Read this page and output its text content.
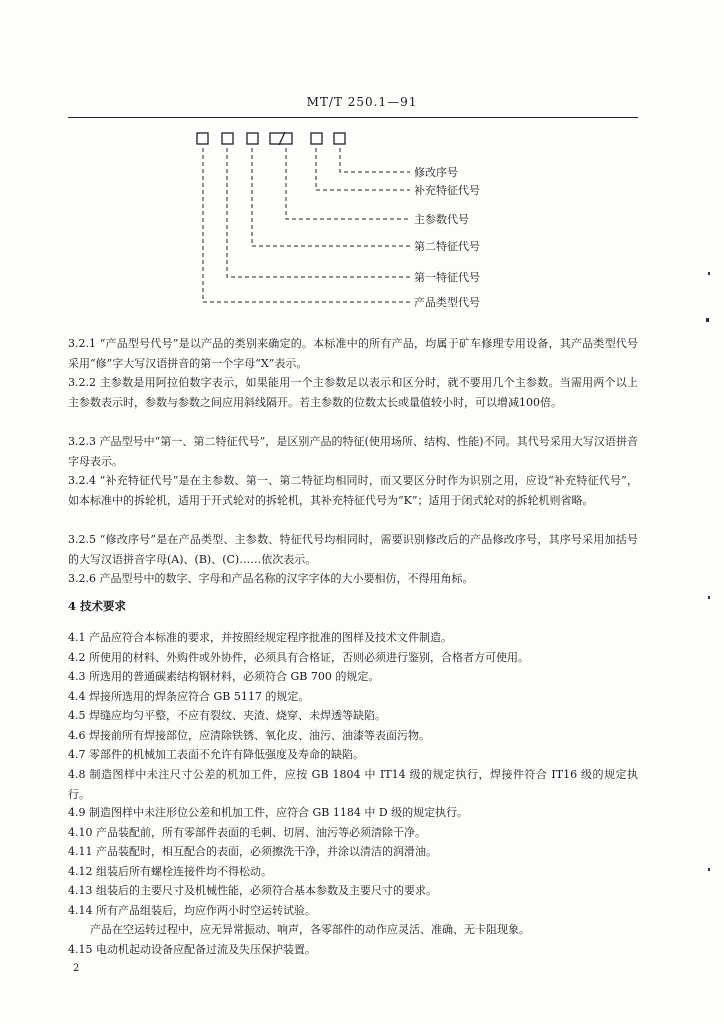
MT/T 250.1—91
修改序号
补充特征代号
主参数代号
第二特征代号
第一特征代号
产品类型代号
3.2.1 “产品型号代号”是以产品的类别来确定的。本标准中的所有产品，均属于矿车修理专用设备，其产品类型代号采用“修”字大写汉语拼音的第一个字母“X”表示。
3.2.2 主参数是用阿拉伯数字表示，如果能用一个主参数足以表示和区分时，就不要用几个主参数。当需用两个以上主参数表示时，参数与参数之间应用斜线隔开。若主参数的位数太长或量值较小时，可以增减100倍。
3.2.3 产品型号中“第一、第二特征代号”，是区别产品的特征(使用场所、结构、性能)不同。其代号采用大写汉语拼音字母表示。
3.2.4 “补充特征代号”是在主参数、第一、第二特征均相同时，而又要区分时作为识别之用，应设“补充特征代号”，如本标准中的拆轮机，适用于开式轮对的拆轮机，其补充特征代号为“K”；适用于闭式轮对的拆轮机则省略。
3.2.5 “修改序号”是在产品类型、主参数、特征代号均相同时，需要识别修改后的产品修改序号，其序号采用加括号的大写汉语拼音字母(A)、(B)、(C)……依次表示。
3.2.6 产品型号中的数字、字母和产品名称的汉字字体的大小要相仿，不得用角标。
4 技术要求
4.1 产品应符合本标准的要求，并按照经规定程序批准的图样及技术文件制造。
4.2 所使用的材料、外购件或外协件，必须具有合格证，否则必须进行鉴别，合格者方可使用。
4.3 所选用的普通碳素结构钢材料，必须符合 GB 700 的规定。
4.4 焊接所选用的焊条应符合 GB 5117 的规定。
4.5 焊缝应均匀平整，不应有裂纹、夹渣、烧穿、未焊透等缺陷。
4.6 焊接前所有焊接部位，应清除铁锈、氧化皮、油污、油漆等表面污物。
4.7 零部件的机械加工表面不允许有降低强度及寿命的缺陷。
4.8 制造图样中未注尺寸公差的机加工件，应按 GB 1804 中 IT14 级的规定执行，焊接件符合 IT16 级的规定执行。
4.9 制造图样中未注形位公差和机加工件，应符合 GB 1184 中 D 级的规定执行。
4.10 产品装配前，所有零部件表面的毛刺、切屑、油污等必须清除干净。
4.11 产品装配时，相互配合的表面，必须擦洗干净，并涂以清洁的润滑油。
4.12 组装后所有螺栓连接件均不得松动。
4.13 组装后的主要尺寸及机械性能，必须符合基本参数及主要尺寸的要求。
4.14 所有产品组装后，均应作两小时空运转试验。
产品在空运转过程中，应无异常振动、响声，各零部件的动作应灵活、准确、无卡阻现象。
4.15 电动机起动设备应配备过流及失压保护装置。
2
